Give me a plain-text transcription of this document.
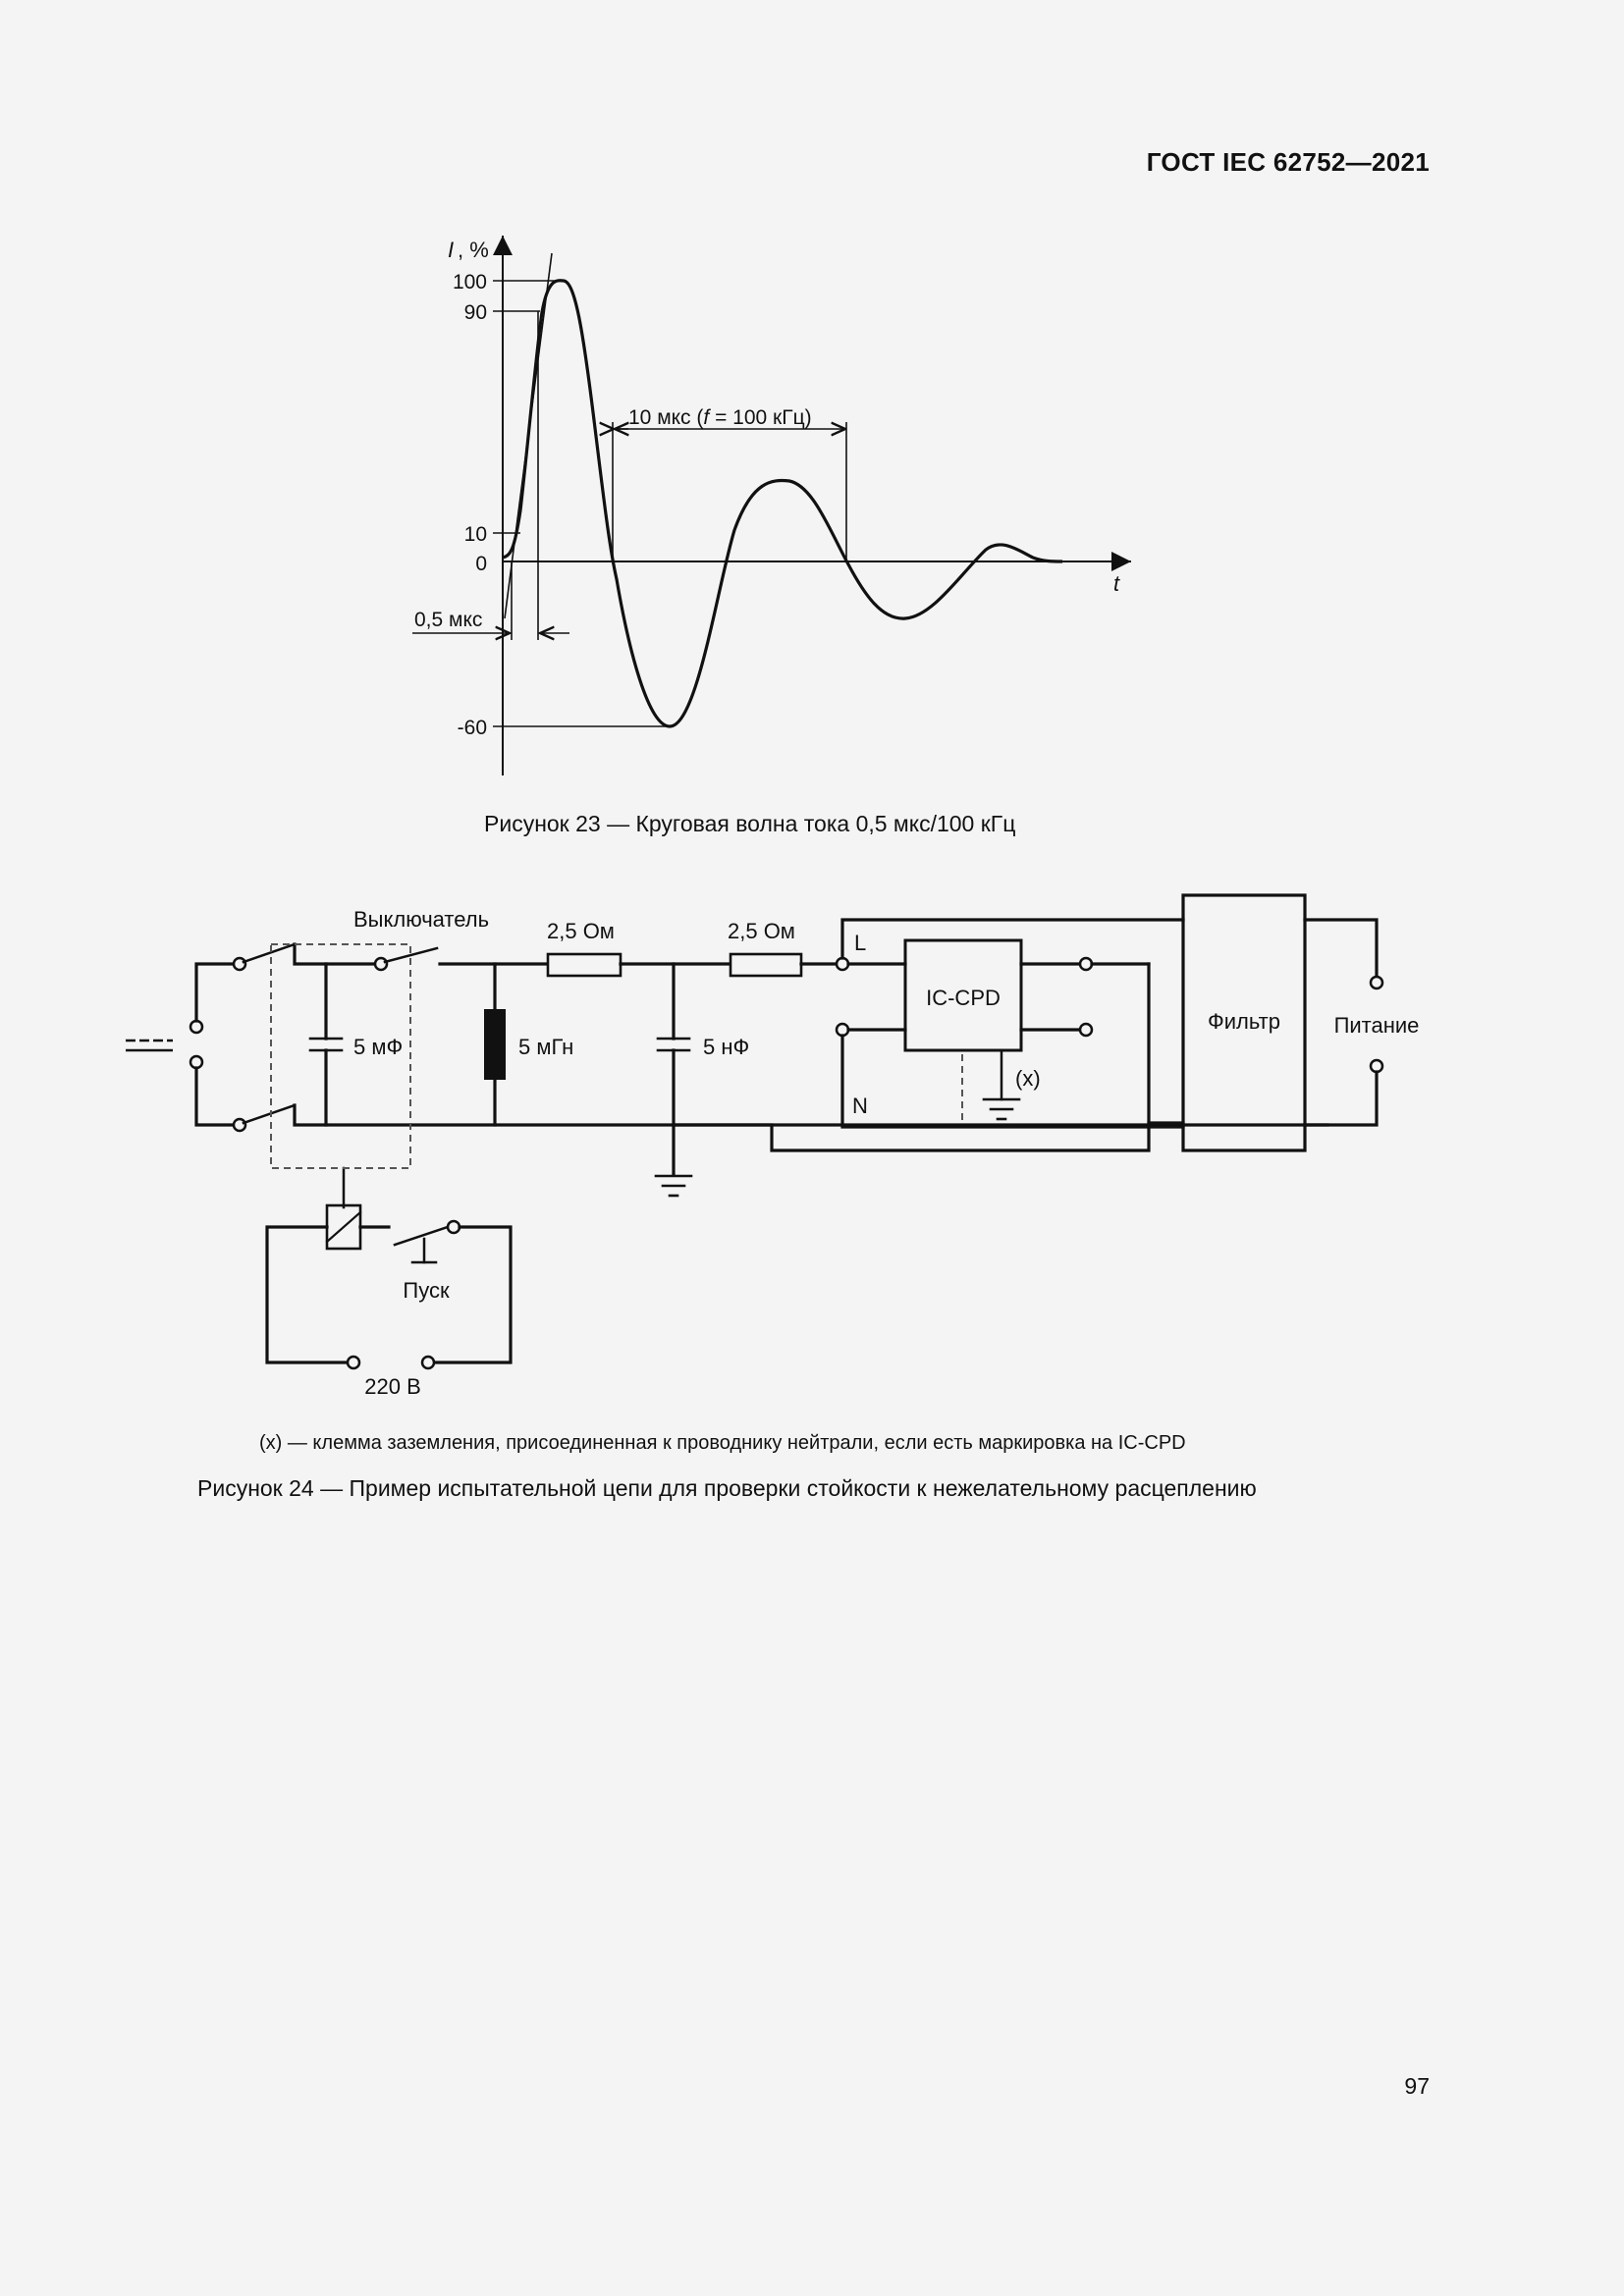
ГОСТ IEC 62752—2021
100
90
10
0
-60
I , %
t
10 мкс (f = 100 кГц)
0,5 мкс
Рисунок 23 — Круговая волна тока 0,5 мкс/100 кГц
Выключатель	2,5 Ом	2,5 Ом
5 мФ	5 мГн	5 нФ
L
N
IC-CPD
(x)
Фильтр Питание
Пуск
220 В
(x) — клемма заземления, присоединенная к проводнику нейтрали, если есть маркировка на IC-CPD
Рисунок 24 — Пример испытательной цепи для проверки стойкости к нежелательному расцеплению
97
